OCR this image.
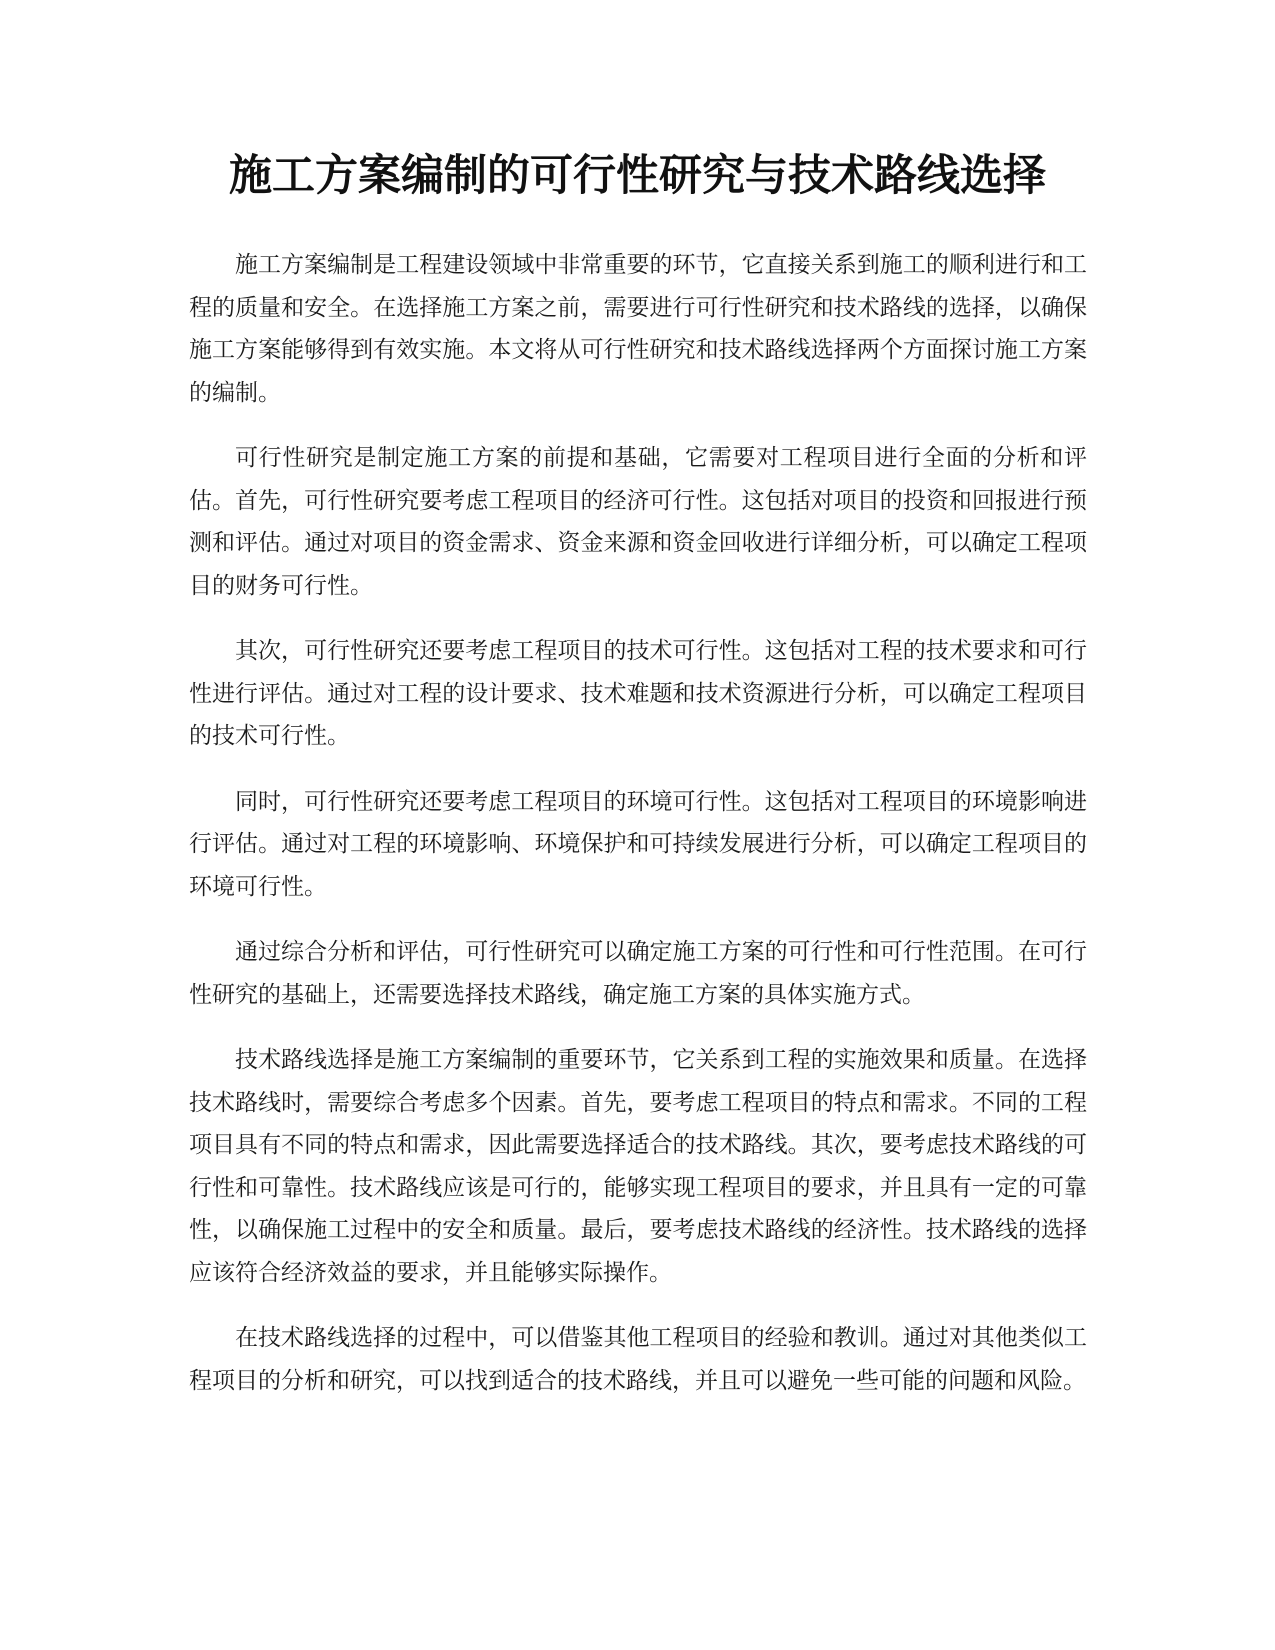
施工方案编制的可行性研究与技术路线选择

施工方案编制是工程建设领域中非常重要的环节，它直接关系到施工的顺利进行和工程的质量和安全。在选择施工方案之前，需要进行可行性研究和技术路线的选择，以确保施工方案能够得到有效实施。本文将从可行性研究和技术路线选择两个方面探讨施工方案的编制。

可行性研究是制定施工方案的前提和基础，它需要对工程项目进行全面的分析和评估。首先，可行性研究要考虑工程项目的经济可行性。这包括对项目的投资和回报进行预测和评估。通过对项目的资金需求、资金来源和资金回收进行详细分析，可以确定工程项目的财务可行性。

其次，可行性研究还要考虑工程项目的技术可行性。这包括对工程的技术要求和可行性进行评估。通过对工程的设计要求、技术难题和技术资源进行分析，可以确定工程项目的技术可行性。

同时，可行性研究还要考虑工程项目的环境可行性。这包括对工程项目的环境影响进行评估。通过对工程的环境影响、环境保护和可持续发展进行分析，可以确定工程项目的环境可行性。

通过综合分析和评估，可行性研究可以确定施工方案的可行性和可行性范围。在可行性研究的基础上，还需要选择技术路线，确定施工方案的具体实施方式。

技术路线选择是施工方案编制的重要环节，它关系到工程的实施效果和质量。在选择技术路线时，需要综合考虑多个因素。首先，要考虑工程项目的特点和需求。不同的工程项目具有不同的特点和需求，因此需要选择适合的技术路线。其次，要考虑技术路线的可行性和可靠性。技术路线应该是可行的，能够实现工程项目的要求，并且具有一定的可靠性，以确保施工过程中的安全和质量。最后，要考虑技术路线的经济性。技术路线的选择应该符合经济效益的要求，并且能够实际操作。

在技术路线选择的过程中，可以借鉴其他工程项目的经验和教训。通过对其他类似工程项目的分析和研究，可以找到适合的技术路线，并且可以避免一些可能的问题和风险。
